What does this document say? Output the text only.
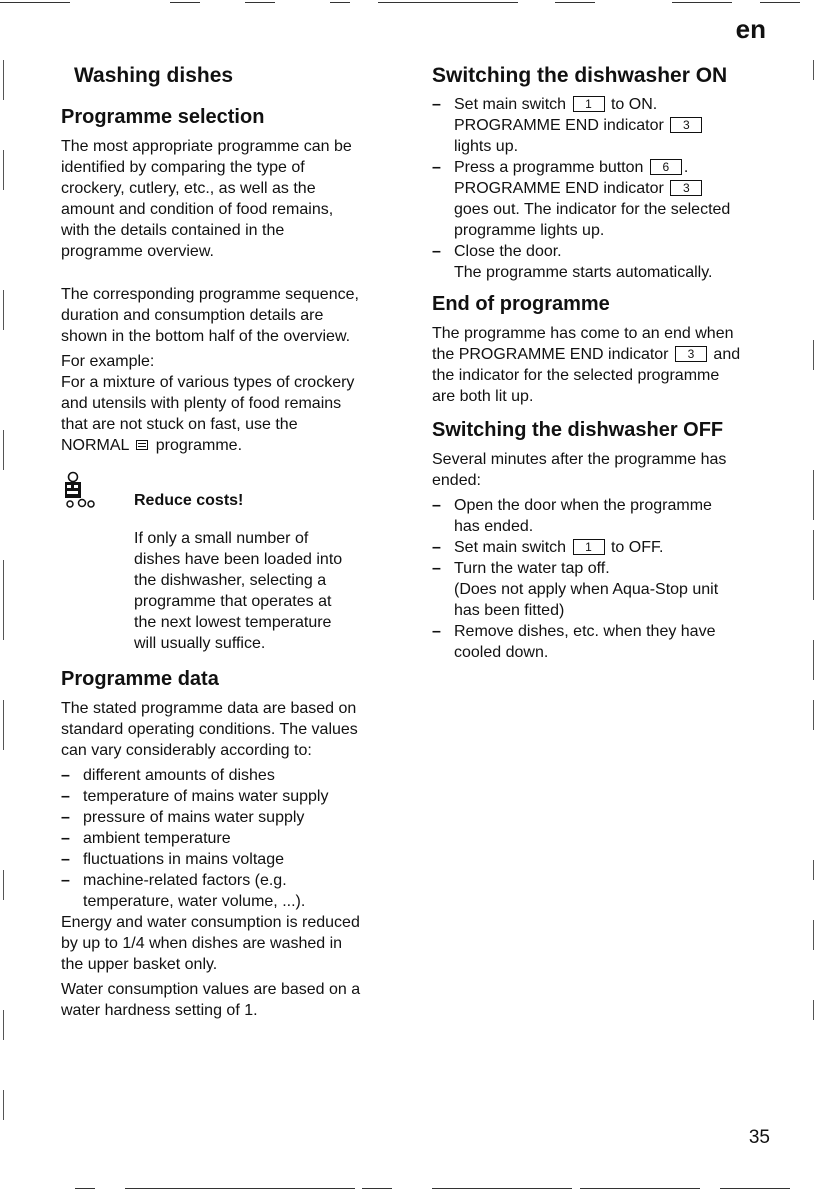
en
Washing dishes
Programme selection
The most appropriate programme can be
identified by comparing the type of
crockery, cutlery, etc., as well as the
amount and condition of food remains,
with the details contained in the
programme overview.
The corresponding programme sequence,
duration and consumption details are
shown in the bottom half of the overview.
For example:
For a mixture of various types of crockery
and utensils with plenty of food remains
that are not stuck on fast, use the
NORMAL programme.
Reduce costs!
If only a small number of
dishes have been loaded into
the dishwasher, selecting a
programme that operates at
the next lowest temperature
will usually suffice.
Programme data
The stated programme data are based on
standard operating conditions. The values
can vary considerably according to:
– different amounts of dishes
– temperature of mains water supply
– pressure of mains water supply
– ambient temperature
– fluctuations in mains voltage
– machine-related factors (e.g.
temperature, water volume, ...).
Energy and water consumption is reduced
by up to 1/4 when dishes are washed in
the upper basket only.
Water consumption values are based on a
water hardness setting of 1.
Switching the dishwasher ON
– Set main switch 1 to ON.
PROGRAMME END indicator 3
lights up.
– Press a programme button 6 .
PROGRAMME END indicator 3
goes out. The indicator for the selected
programme lights up.
– Close the door.
The programme starts automatically.
End of programme
The programme has come to an end when
the PROGRAMME END indicator 3 and
the indicator for the selected programme
are both lit up.
Switching the dishwasher OFF
Several minutes after the programme has
ended:
– Open the door when the programme
has ended.
– Set main switch 1 to OFF.
– Turn the water tap off.
(Does not apply when Aqua-Stop unit
has been fitted)
– Remove dishes, etc. when they have
cooled down.
35
